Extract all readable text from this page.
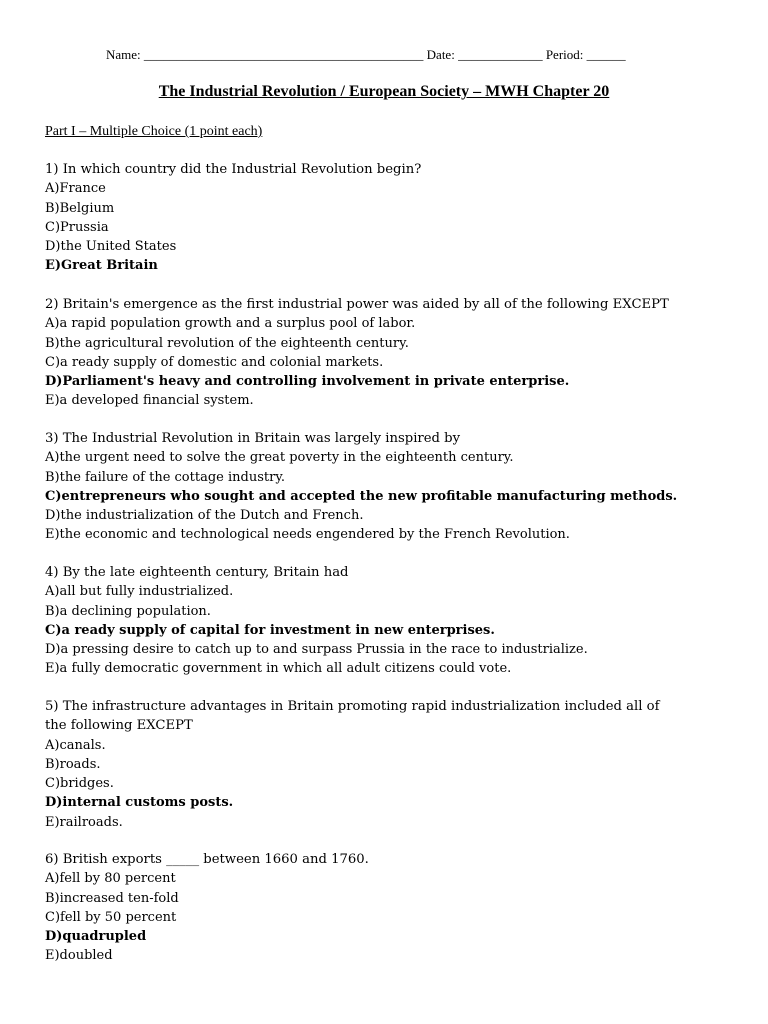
Name: ___________________________________________ Date: _____________ Period: ______
The Industrial Revolution / European Society – MWH Chapter 20
Part I – Multiple Choice (1 point each)
1) In which country did the Industrial Revolution begin?
A)France
B)Belgium
C)Prussia
D)the United States
E)Great Britain
2) Britain's emergence as the first industrial power was aided by all of the following EXCEPT
A)a rapid population growth and a surplus pool of labor.
B)the agricultural revolution of the eighteenth century.
C)a ready supply of domestic and colonial markets.
D)Parliament's heavy and controlling involvement in private enterprise.
E)a developed financial system.
3) The Industrial Revolution in Britain was largely inspired by
A)the urgent need to solve the great poverty in the eighteenth century.
B)the failure of the cottage industry.
C)entrepreneurs who sought and accepted the new profitable manufacturing methods.
D)the industrialization of the Dutch and French.
E)the economic and technological needs engendered by the French Revolution.
4) By the late eighteenth century, Britain had
A)all but fully industrialized.
B)a declining population.
C)a ready supply of capital for investment in new enterprises.
D)a pressing desire to catch up to and surpass Prussia in the race to industrialize.
E)a fully democratic government in which all adult citizens could vote.
5) The infrastructure advantages in Britain promoting rapid industrialization included all of the following EXCEPT
A)canals.
B)roads.
C)bridges.
D)internal customs posts.
E)railroads.
6) British exports _____ between 1660 and 1760.
A)fell by 80 percent
B)increased ten-fold
C)fell by 50 percent
D)quadrupled
E)doubled
